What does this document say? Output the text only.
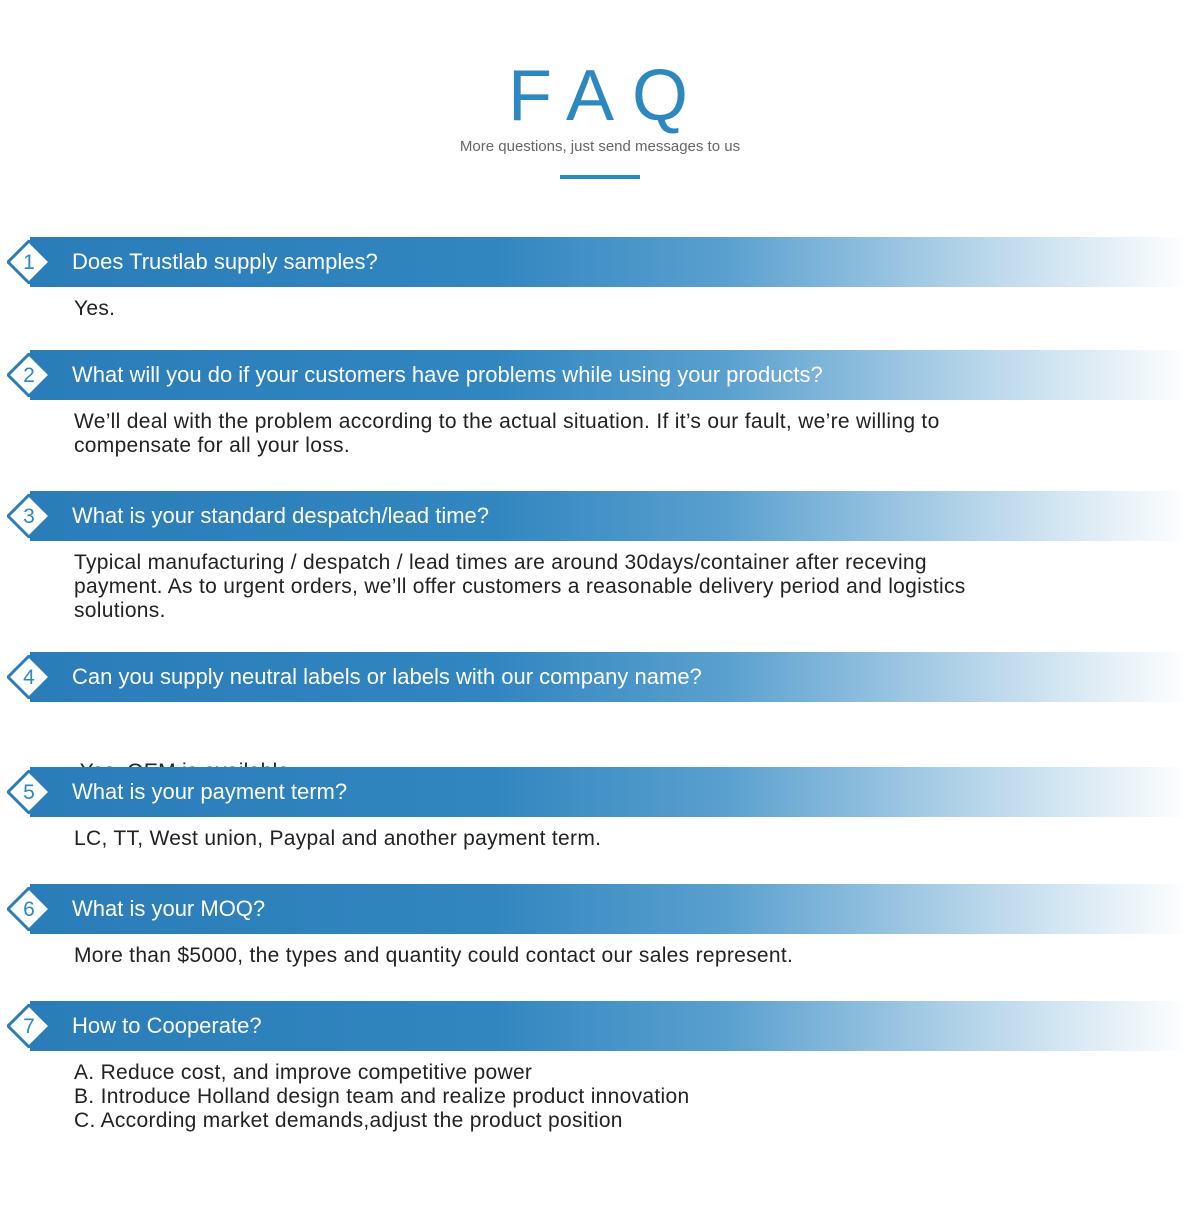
FAQ
More questions, just send messages to us
1	Does Trustlab supply samples?
Yes.
2	What will you do if your customers have problems while using your products?
We’ll deal with the problem according to the actual situation. If it’s our fault, we’re willing to
compensate for all your loss.
3	What is your standard despatch/lead time?
Typical manufacturing / despatch / lead times are around 30days/container after receving
payment. As to urgent orders, we’ll offer customers a reasonable delivery period and logistics
solutions.
4	Can you supply neutral labels or labels with our company name?

5	What is your payment term?
LC, TT, West union, Paypal and another payment term.
6	What is your MOQ?
More than $5000, the types and quantity could contact our sales represent.
7	How to Cooperate?
A. Reduce cost, and improve competitive power
B. Introduce Holland design team and realize product innovation
C. According market demands,adjust the product position
